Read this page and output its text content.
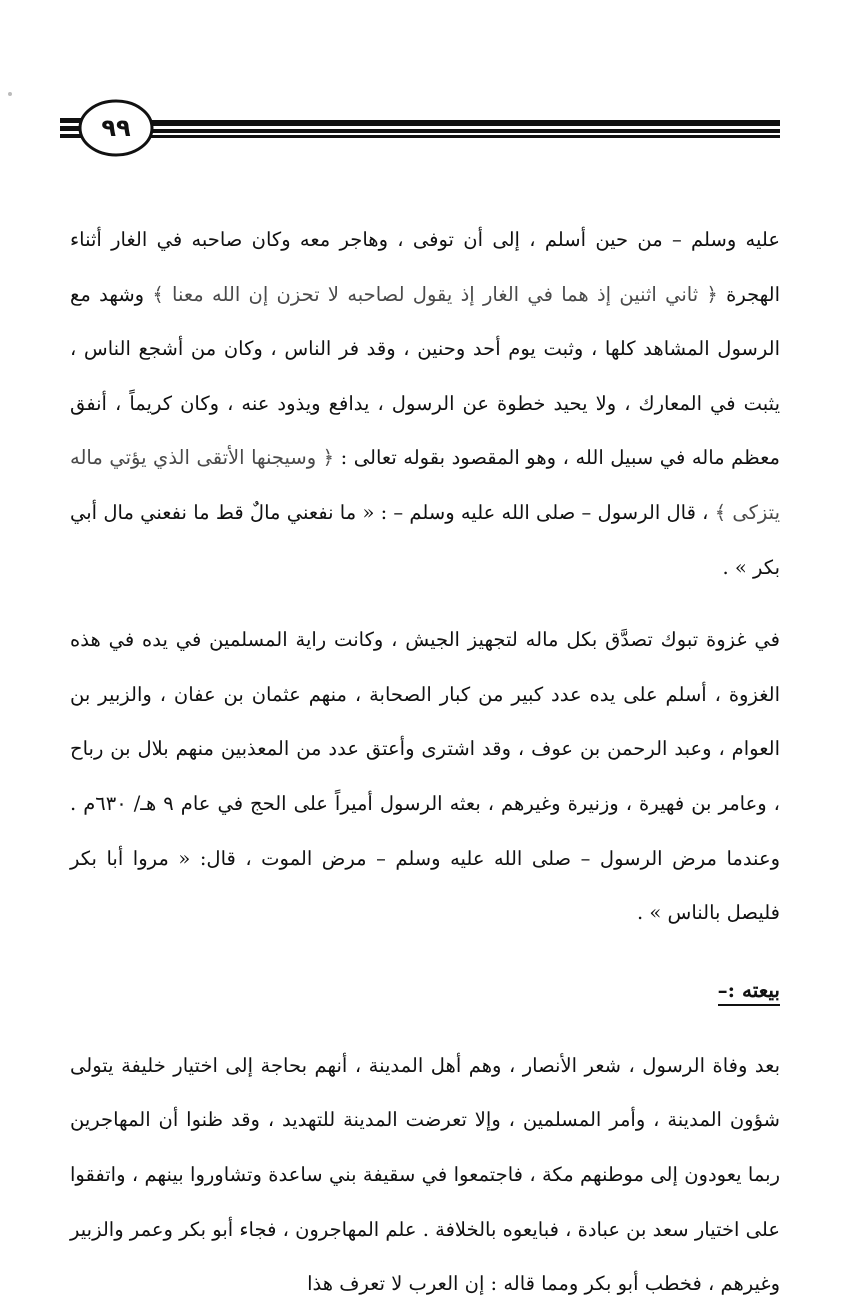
٩٩

عليه وسلم – من حين أسلم ، إلى أن توفى ، وهاجر معه وكان صاحبه في الغار أثناء الهجرة ﴿ ثاني اثنين إذ هما في الغار إذ يقول لصاحبه لا تحزن إن الله معنا ﴾ وشهد مع الرسول المشاهد كلها ، وثبت يوم أحد وحنين ، وقد فر الناس ، وكان من أشجع الناس ، يثبت في المعارك ، ولا يحيد خطوة عن الرسول ، يدافع ويذود عنه ، وكان كريماً ، أنفق معظم ماله في سبيل الله ، وهو المقصود بقوله تعالى : ﴿ وسيجنها الأتقى الذي يؤتي ماله يتزكى ﴾ ، قال الرسول – صلى الله عليه وسلم – : « ما نفعني مالٌ قط ما نفعني مال أبي بكر » .

في غزوة تبوك تصدَّق بكل ماله لتجهيز الجيش ، وكانت راية المسلمين في يده في هذه الغزوة ، أسلم على يده عدد كبير من كبار الصحابة ، منهم عثمان بن عفان ، والزبير بن العوام ، وعبد الرحمن بن عوف ، وقد اشترى وأعتق عدد من المعذبين منهم بلال بن رباح ، وعامر بن فهيرة ، وزنيرة وغيرهم ، بعثه الرسول أميراً على الحج في عام ٩ هـ/ ٦٣٠م . وعندما مرض الرسول – صلى الله عليه وسلم – مرض الموت ، قال: « مروا أبا بكر فليصل بالناس » .

بيعته :–

بعد وفاة الرسول ، شعر الأنصار ، وهم أهل المدينة ، أنهم بحاجة إلى اختيار خليفة يتولى شؤون المدينة ، وأمر المسلمين ، وإلا تعرضت المدينة للتهديد ، وقد ظنوا أن المهاجرين ربما يعودون إلى موطنهم مكة ، فاجتمعوا في سقيفة بني ساعدة وتشاوروا بينهم ، واتفقوا على اختيار سعد بن عبادة ، فبايعوه بالخلافة . علم المهاجرون ، فجاء أبو بكر وعمر والزبير وغيرهم ، فخطب أبو بكر ومما قاله : إن العرب لا تعرف هذا
